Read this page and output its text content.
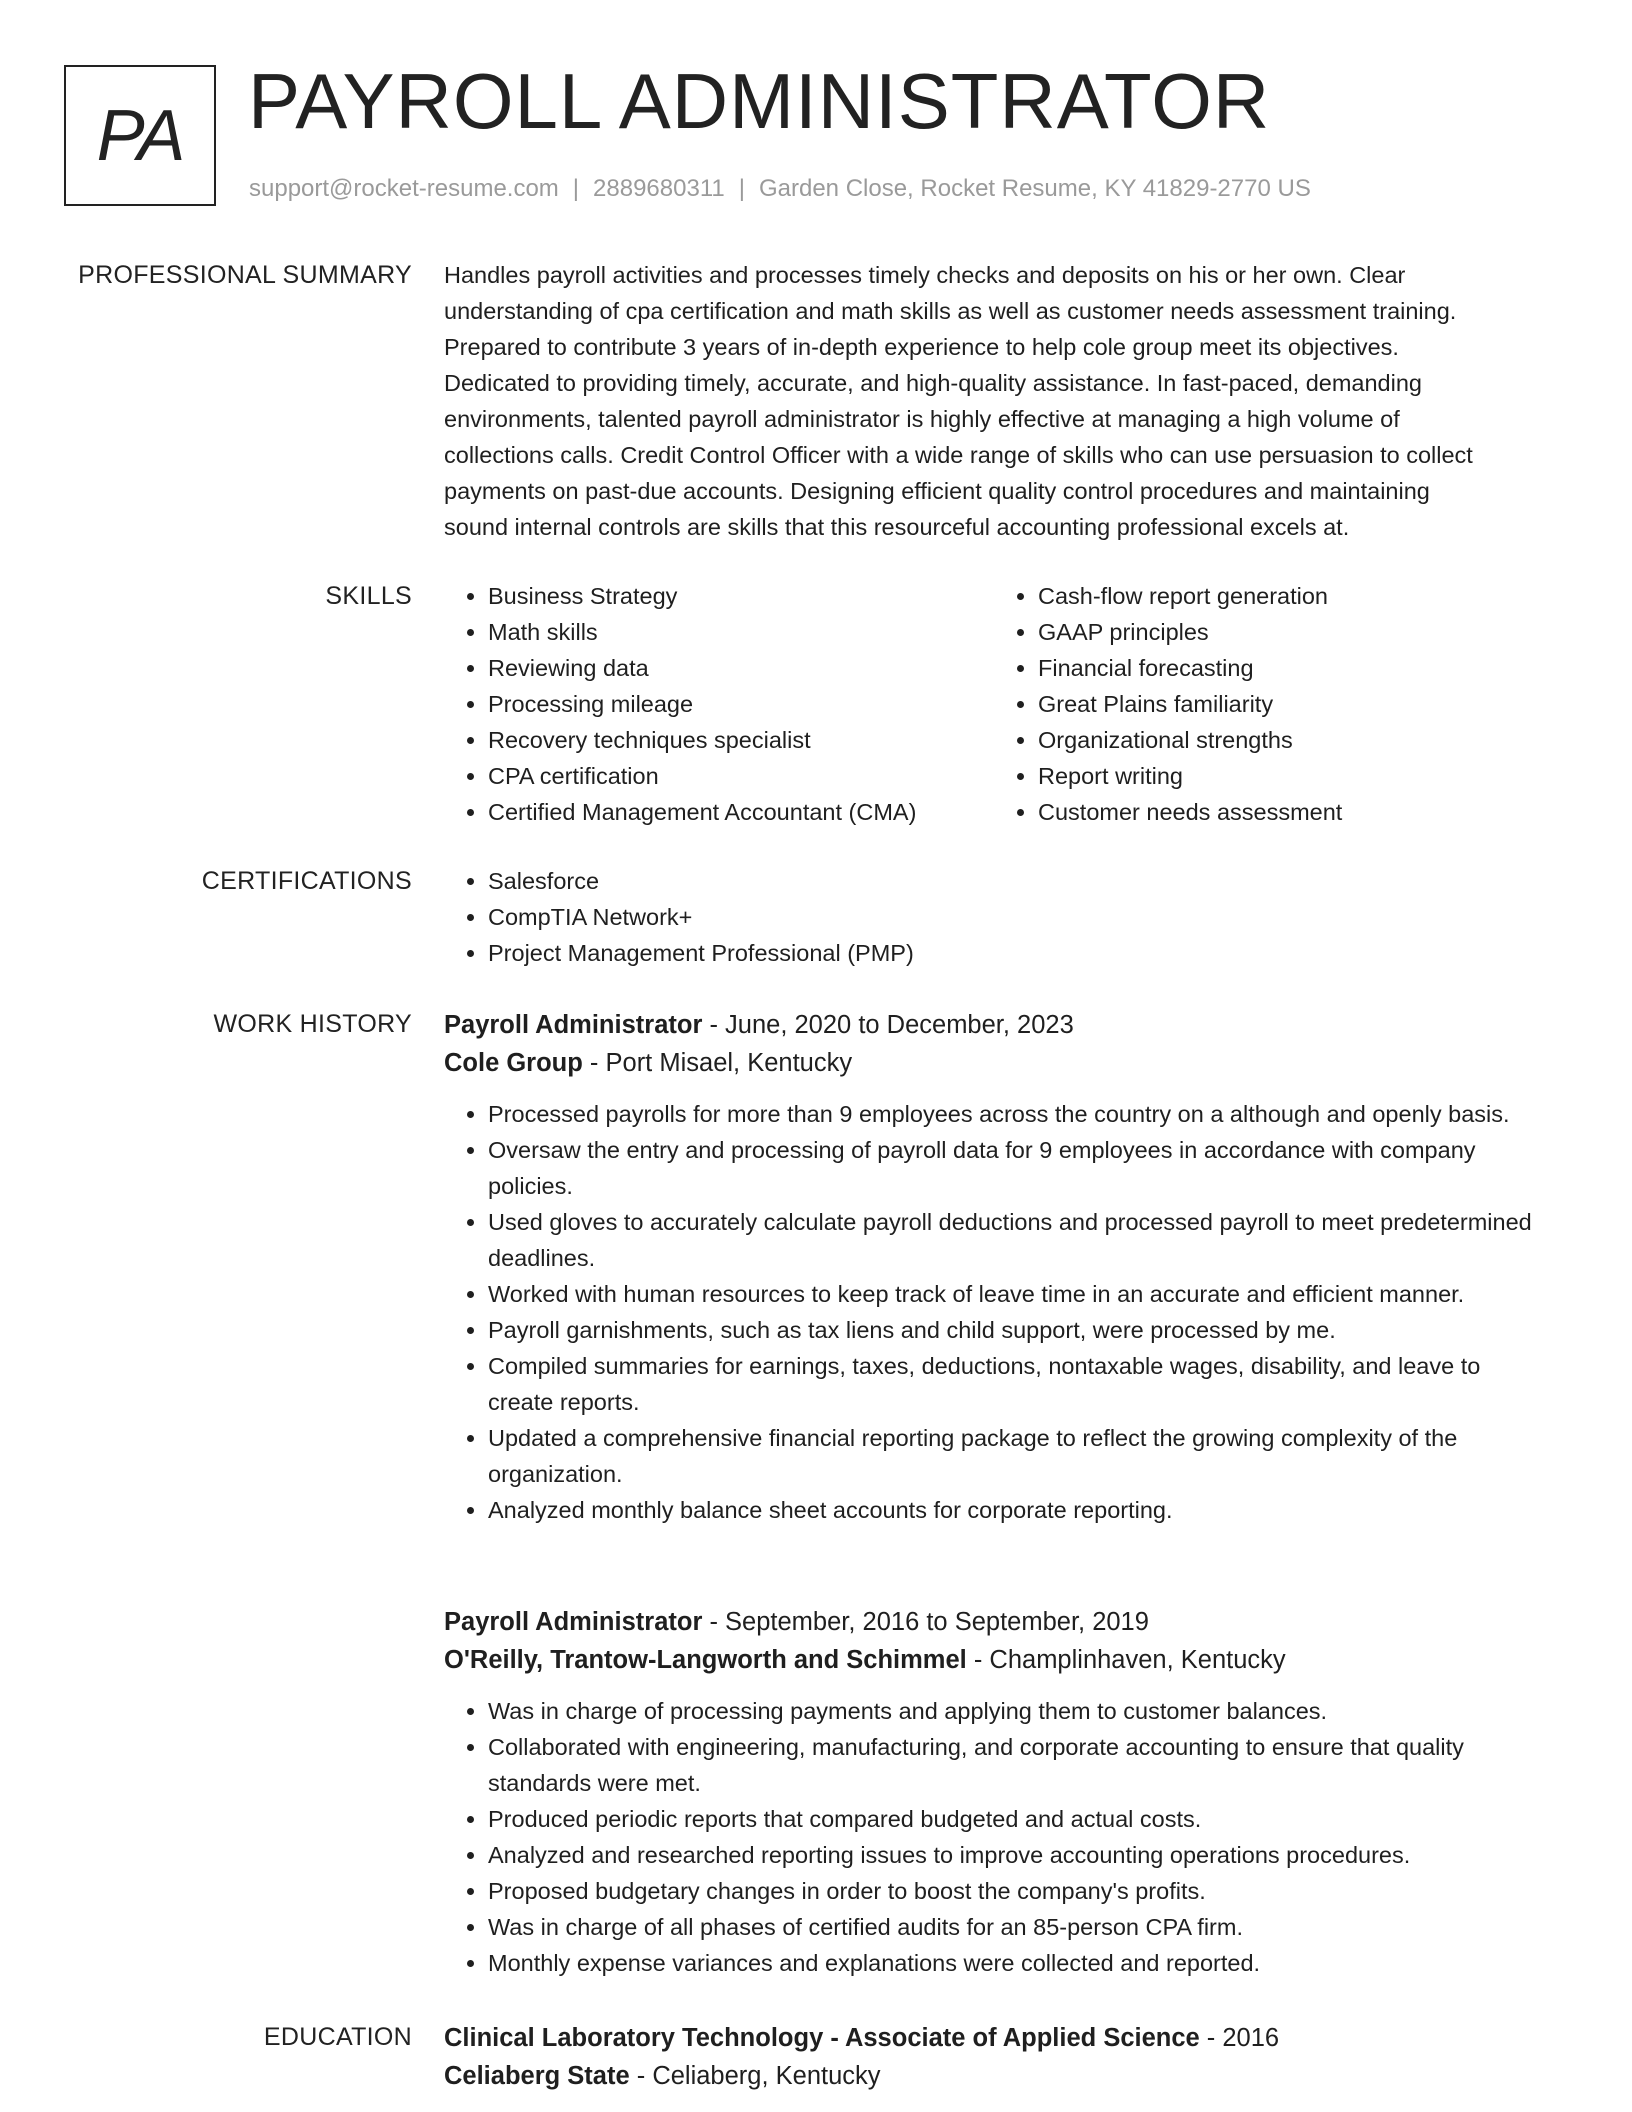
PA PAYROLL ADMINISTRATOR
support@rocket-resume.com | 2889680311 | Garden Close, Rocket Resume, KY 41829-2770 US
PROFESSIONAL SUMMARY Handles payroll activities and processes timely checks and deposits on his or her own. Clear

understanding of cpa certification and math skills as well as customer needs assessment training.

Prepared to contribute 3 years of in-depth experience to help cole group meet its objectives.

Dedicated to providing timely, accurate, and high-quality assistance. In fast-paced, demanding

environments, talented payroll administrator is highly effective at managing a high volume of

collections calls. Credit Control Officer with a wide range of skills who can use persuasion to collect

payments on past-due accounts. Designing efficient quality control procedures and maintaining

sound internal controls are skills that this resourceful accounting professional excels at.

SKILLS	• Business Strategy
• Math skills
• Reviewing data
• Processing mileage
• Recovery techniques specialist
• CPA certification
• Certified Management Accountant (CMA)
• Cash-flow report generation
• GAAP principles
• Financial forecasting
• Great Plains familiarity
• Organizational strengths
• Report writing
• Customer needs assessment
CERTIFICATIONS	• Salesforce
• CompTIA Network+
• Project Management Professional (PMP)
WORK HISTORY Payroll Administrator - June, 2020 to December, 2023
Cole Group - Port Misael, Kentucky
• Processed payrolls for more than 9 employees across the country on a although and openly basis.
• Oversaw the entry and processing of payroll data for 9 employees in accordance with company policies.
• Used gloves to accurately calculate payroll deductions and processed payroll to meet predetermined deadlines.
• Worked with human resources to keep track of leave time in an accurate and efficient manner.
• Payroll garnishments, such as tax liens and child support, were processed by me.
• Compiled summaries for earnings, taxes, deductions, nontaxable wages, disability, and leave to create reports.
• Updated a comprehensive financial reporting package to reflect the growing complexity of the organization.
• Analyzed monthly balance sheet accounts for corporate reporting.
Payroll Administrator - September, 2016 to September, 2019
O'Reilly, Trantow-Langworth and Schimmel - Champlinhaven, Kentucky
• Was in charge of processing payments and applying them to customer balances.
• Collaborated with engineering, manufacturing, and corporate accounting to ensure that quality standards were met.
• Produced periodic reports that compared budgeted and actual costs.
• Analyzed and researched reporting issues to improve accounting operations procedures.
• Proposed budgetary changes in order to boost the company's profits.
• Was in charge of all phases of certified audits for an 85-person CPA firm.
• Monthly expense variances and explanations were collected and reported.
EDUCATION Clinical Laboratory Technology - Associate of Applied Science - 2016
Celiaberg State - Celiaberg, Kentucky
